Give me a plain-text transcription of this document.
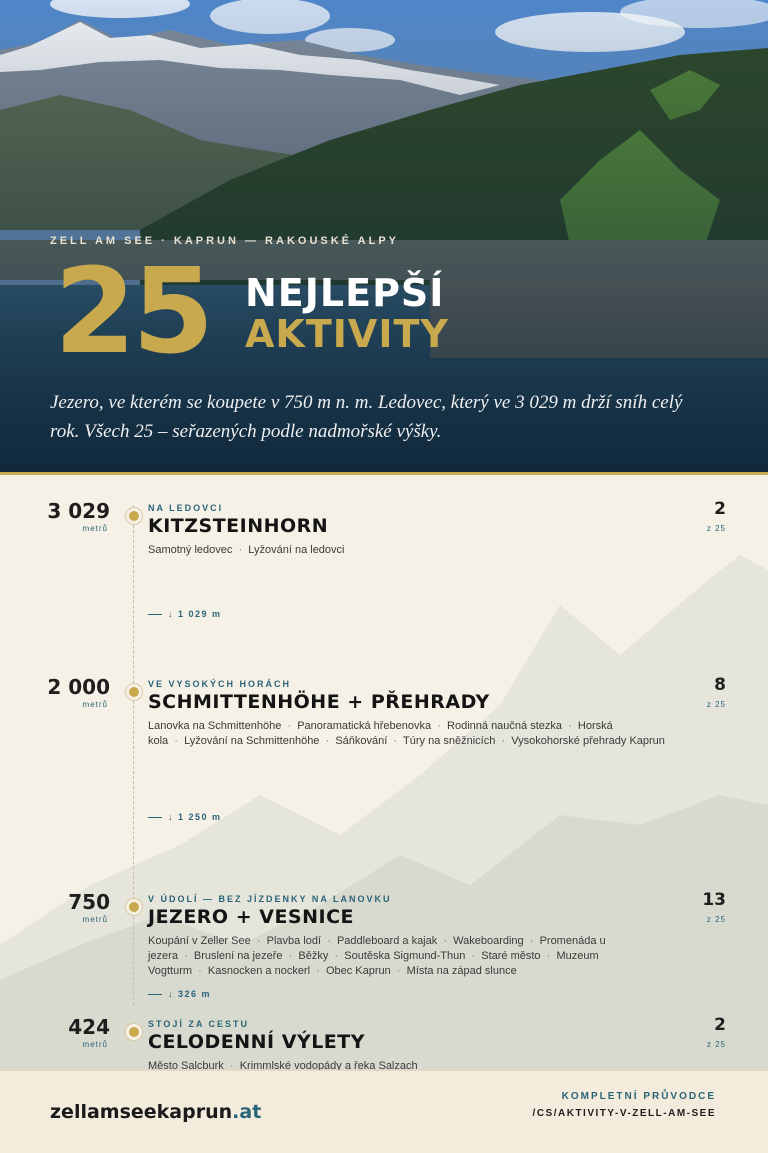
ZELL AM SEE · KAPRUN — RAKOUSKÉ ALPY
25 NEJLEPŠÍ
AKTIVITY
Jezero, ve kterém se koupete v 750 m n. m. Ledovec, který ve 3 029 m drží sníh celý rok. Všech 25 – seřazených podle nadmořské výšky.
3 029
metrů
NA LEDOVCI
KITZSTEINHORN
2
z 25
Samotný ledovec · Lyžování na ledovci
↓ 1 029 m
2 000
metrů
VE VYSOKÝCH HORÁCH
SCHMITTENHÖHE + PŘEHRADY
8
z 25
Lanovka na Schmittenhöhe · Panoramatická hřebenovka · Rodinná naučná stezka · Horská kola · Lyžování na Schmittenhöhe · Sáňkování · Túry na sněžnicích · Vysokohorské přehrady Kaprun
↓ 1 250 m
750
metrů
V ÚDOLÍ — BEZ JÍZDENKY NA LANOVKU
JEZERO + VESNICE
13
z 25
Koupání v Zeller See · Plavba lodí · Paddleboard a kajak · Wakeboarding · Promenáda u jezera · Bruslení na jezeře · Běžky · Soutěska Sigmund-Thun · Staré město · Muzeum Vogtturm · Kasnocken a nockerl · Obec Kaprun · Místa na západ slunce
↓ 326 m
424
metrů
STOJÍ ZA CESTU
CELODENNÍ VÝLETY
2
z 25
Město Salcburk · Krimmlské vodopády a řeka Salzach
zellamseekaprun.at
KOMPLETNÍ PRŮVODCE
/CS/AKTIVITY-V-ZELL-AM-SEE
